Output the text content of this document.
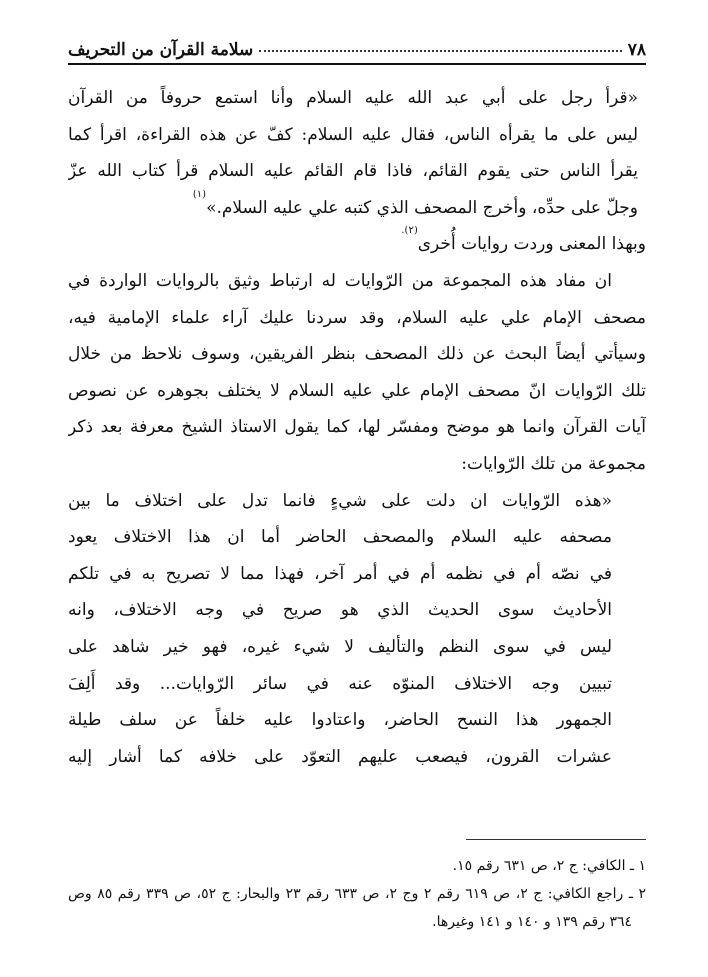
٧٨
سلامة القرآن من التحريف
«قرأ رجل على أبي عبد الله عليه السلام وأنا استمع حروفاً من القرآن
ليس على ما يقرأه الناس، فقال عليه السلام: كفّ عن هذه القراءة، اقرأ كما
يقرأ الناس حتى يقوم القائم، فاذا قام القائم عليه السلام قرأ كتاب الله عزّ
وجلّ على حدِّه، وأخرج المصحف الذي كتبه علي عليه السلام.»$^{(١)}$
وبهذا المعنى وردت روايات أُخرى$^{(٢).}$
ان مفاد هذه المجموعة من الرّوايات له ارتباط وثيق بالروايات الواردة في
مصحف الإمام علي عليه السلام، وقد سردنا عليك آراء علماء الإمامية فيه،
وسيأتي أيضاً البحث عن ذلك المصحف بنظر الفريقين، وسوف نلاحظ من خلال
تلك الرّوايات انّ مصحف الإمام علي عليه السلام لا يختلف بجوهره عن نصوص
آيات القرآن وانما هو موضح ومفسّر لها، كما يقول الاستاذ الشيخ معرفة بعد ذكر
مجموعة من تلك الرّوايات:
«هذه الرّوايات ان دلت على شيءٍ فانما تدل على اختلاف ما بين
مصحفه عليه السلام والمصحف الحاضر أما ان هذا الاختلاف يعود
في نصّه أم في نظمه أم في أمر آخر، فهذا مما لا تصريح به في تلكم
الأحاديث سوى الحديث الذي هو صريح في وجه الاختلاف، وانه
ليس في سوى النظم والتأليف لا شيء غيره، فهو خير شاهد على
تبيين وجه الاختلاف المنوّه عنه في سائر الرّوايات... وقد أَلِفَ
الجمهور هذا النسح الحاضر، واعتادوا عليه خلفاً عن سلف طيلة
عشرات القرون، فيصعب عليهم التعوّد على خلافه كما أشار إليه
١ ـ الكافي: ج ٢، ص ٦٣١ رقم ١٥.
٢ ـ راجع الكافي: ج ٢، ص ٦١٩ رقم ٢ وج ٢، ص ٦٣٣ رقم ٢٣ والبحار: ج ٥٢، ص ٣٣٩ رقم ٨٥ وص
٣٦٤ رقم ١٣٩ و ١٤٠ و ١٤١ وغيرها.
